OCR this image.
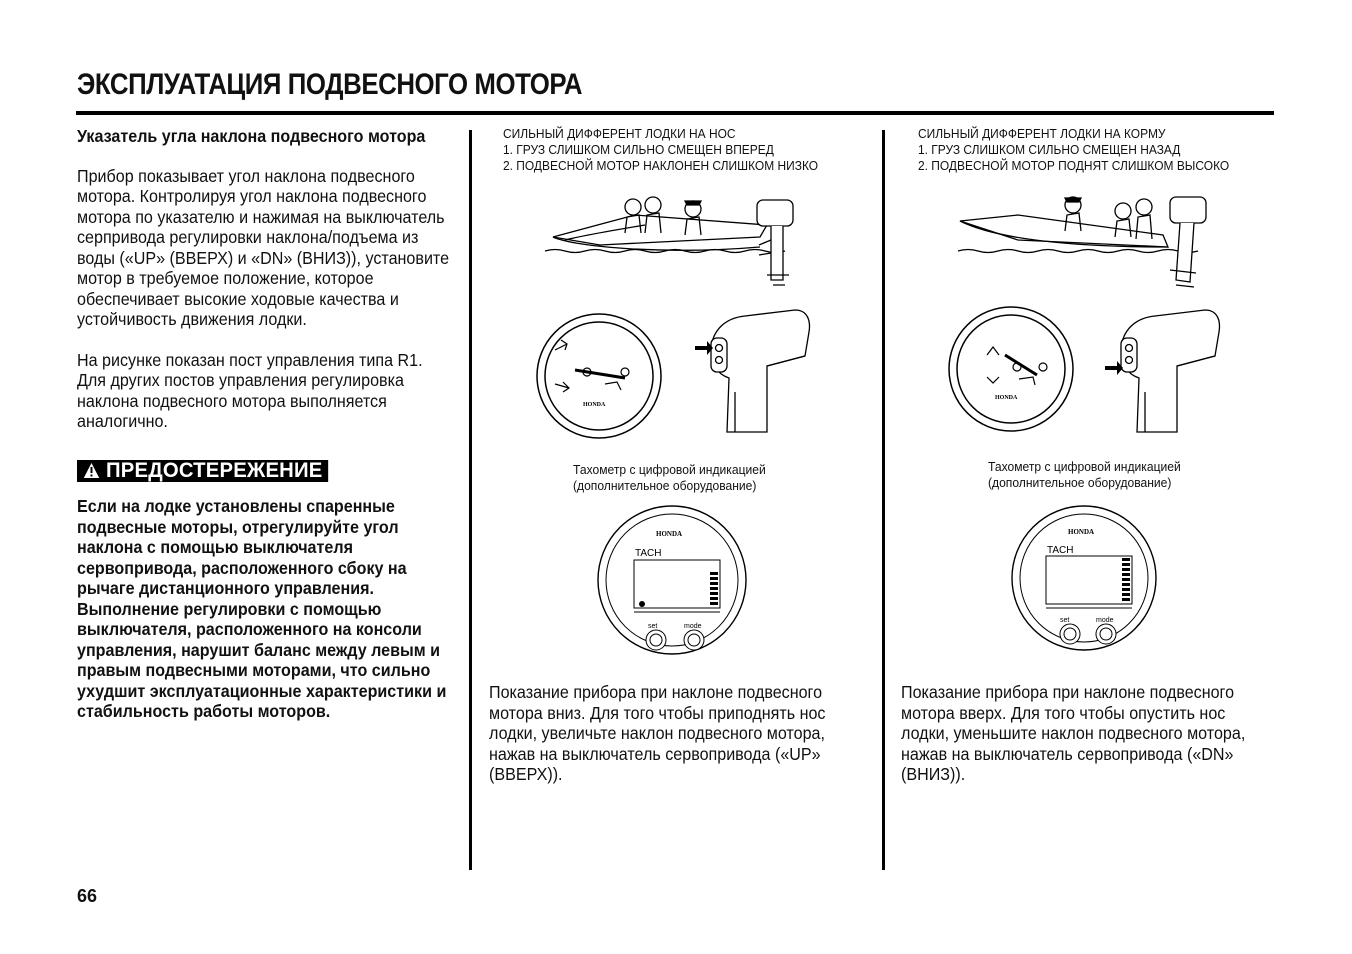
ЭКСПЛУАТАЦИЯ ПОДВЕСНОГО МОТОРА
Указатель угла наклона подвесного мотора

Прибор показывает угол наклона подвесного мотора. Контролируя угол наклона подвесного мотора по указателю и нажимая на выключатель серпривода регулировки наклона/подъема из воды («UP» (ВВЕРХ) и «DN» (ВНИЗ)), установите мотор в требуемое положение, которое обеспечивает высокие ходовые качества и устойчивость движения лодки.

На рисунке показан пост управления типа R1. Для других постов управления регулировка наклона подвесного мотора выполняется аналогично.

ПРЕДОСТЕРЕЖЕНИЕ
Если на лодке установлены спаренные подвесные моторы, отрегулируйте угол наклона с помощью выключателя сервопривода, расположенного сбоку на рычаге дистанционного управления. Выполнение регулировки с помощью выключателя, расположенного на консоли управления, нарушит баланс между левым и правым подвесными моторами, что сильно ухудшит эксплуатационные характеристики и стабильность работы моторов.
СИЛЬНЫЙ ДИФФЕРЕНТ ЛОДКИ НА НОС
1. ГРУЗ СЛИШКОМ СИЛЬНО СМЕЩЕН ВПЕРЕД
2. ПОДВЕСНОЙ МОТОР НАКЛОНЕН СЛИШКОМ НИЗКО
СИЛЬНЫЙ ДИФФЕРЕНТ ЛОДКИ НА КОРМУ
1. ГРУЗ СЛИШКОМ СИЛЬНО СМЕЩЕН НАЗАД
2. ПОДВЕСНОЙ МОТОР ПОДНЯТ СЛИШКОМ ВЫСОКО
HONDA
HONDA
Тахометр с цифровой индикацией
(дополнительное оборудование)
Тахометр с цифровой индикацией
(дополнительное оборудование)
HONDA
TACH
set	mode
HONDA
TACH
set	mode
Показание прибора при наклоне подвесного мотора вниз. Для того чтобы приподнять нос лодки, увеличьте наклон подвесного мотора, нажав на выключатель сервопривода («UP» (ВВЕРХ)).
Показание прибора при наклоне подвесного мотора вверх. Для того чтобы опустить нос лодки, уменьшите наклон подвесного мотора, нажав на выключатель сервопривода («DN» (ВНИЗ)).
66
